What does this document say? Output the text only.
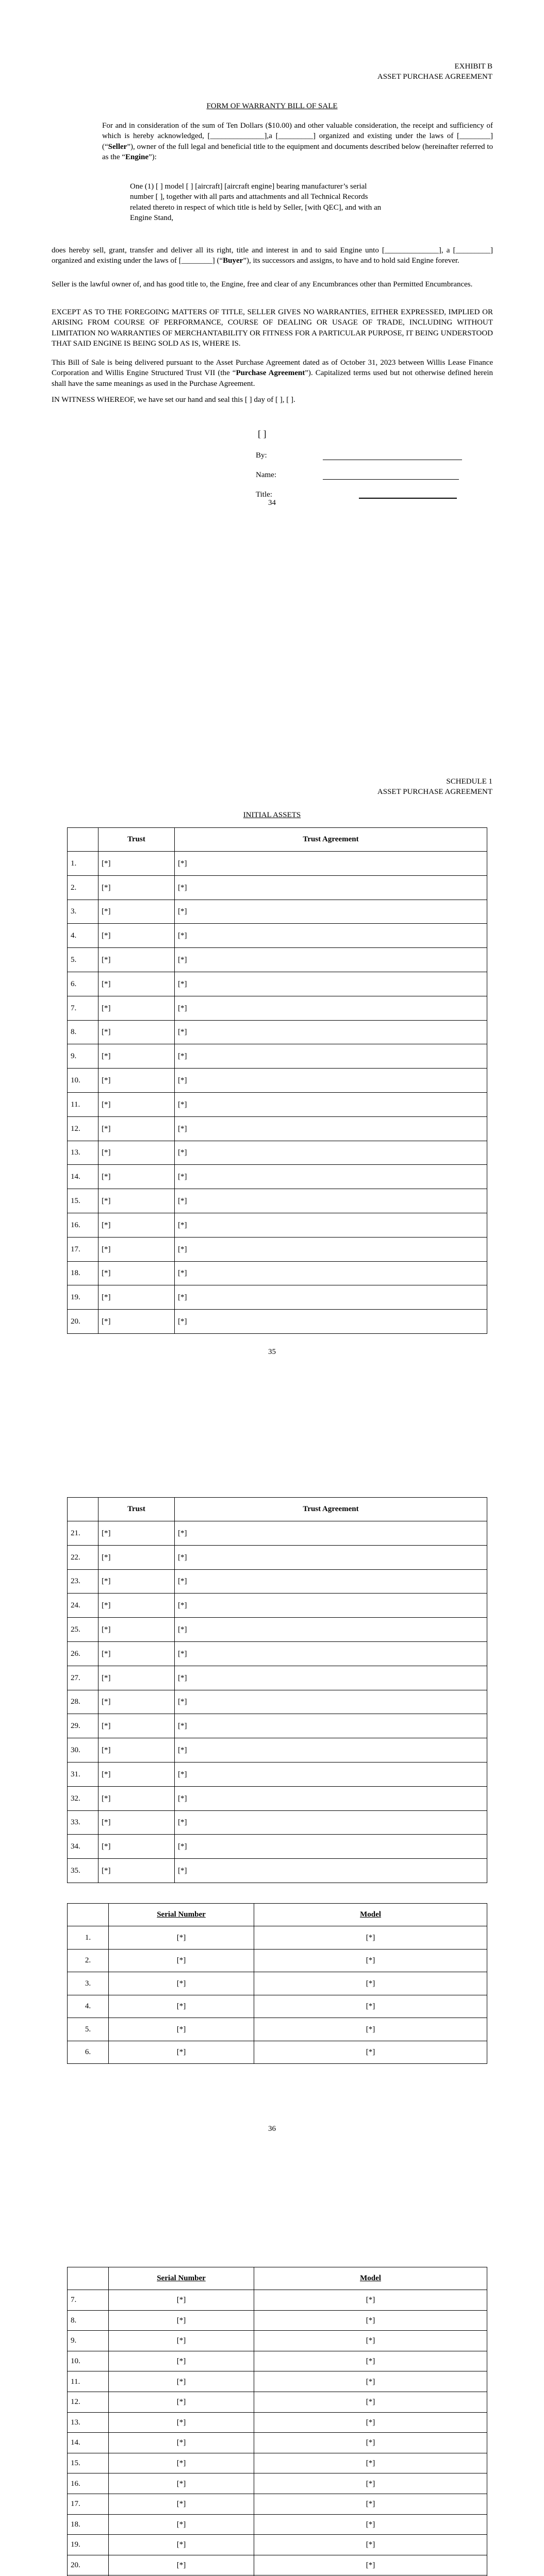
EXHIBIT B
ASSET PURCHASE AGREEMENT
FORM OF WARRANTY BILL OF SALE
For and in consideration of the sum of Ten Dollars ($10.00) and other valuable consideration, the receipt and sufficiency of which is hereby acknowledged, [______________],a [_________] organized and existing under the laws of [________] (“Seller”), owner of the full legal and beneficial title to the equipment and documents described below (hereinafter referred to as the “Engine”):
One (1) [ ] model [ ] [aircraft] [aircraft engine] bearing manufacturer’s serial number [ ], together with all parts and attachments and all Technical Records related thereto in respect of which title is held by Seller, [with QEC], and with an Engine Stand,
does hereby sell, grant, transfer and deliver all its right, title and interest in and to said Engine unto [______________], a [_________] organized and existing under the laws of [________] (“Buyer”), its successors and assigns, to have and to hold said Engine forever.
Seller is the lawful owner of, and has good title to, the Engine, free and clear of any Encumbrances other than Permitted Encumbrances.
EXCEPT AS TO THE FOREGOING MATTERS OF TITLE, SELLER GIVES NO WARRANTIES, EITHER EXPRESSED, IMPLIED OR ARISING FROM COURSE OF PERFORMANCE, COURSE OF DEALING OR USAGE OF TRADE, INCLUDING WITHOUT LIMITATION NO WARRANTIES OF MERCHANTABILITY OR FITNESS FOR A PARTICULAR PURPOSE, IT BEING UNDERSTOOD THAT SAID ENGINE IS BEING SOLD AS IS, WHERE IS.
This Bill of Sale is being delivered pursuant to the Asset Purchase Agreement dated as of October 31, 2023 between Willis Lease Finance Corporation and Willis Engine Structured Trust VII (the “Purchase Agreement”). Capitalized terms used but not otherwise defined herein shall have the same meanings as used in the Purchase Agreement.
IN WITNESS WHEREOF, we have set our hand and seal this [ ] day of [ ], [ ].
[ ]
By:
Name:
Title:
34
SCHEDULE 1
ASSET PURCHASE AGREEMENT
INITIAL ASSETS
	Trust	Trust Agreement
1.	[*]	[*]
2.	[*]	[*]
3.	[*]	[*]
4.	[*]	[*]
5.	[*]	[*]
6.	[*]	[*]
7.	[*]	[*]
8.	[*]	[*]
9.	[*]	[*]
10.	[*]	[*]
11.	[*]	[*]
12.	[*]	[*]
13.	[*]	[*]
14.	[*]	[*]
15.	[*]	[*]
16.	[*]	[*]
17.	[*]	[*]
18.	[*]	[*]
19.	[*]	[*]
20.	[*]	[*]
35
	Trust	Trust Agreement
21.	[*]	[*]
22.	[*]	[*]
23.	[*]	[*]
24.	[*]	[*]
25.	[*]	[*]
26.	[*]	[*]
27.	[*]	[*]
28.	[*]	[*]
29.	[*]	[*]
30.	[*]	[*]
31.	[*]	[*]
32.	[*]	[*]
33.	[*]	[*]
34.	[*]	[*]
35.	[*]	[*]
	Serial Number	Model
1.	[*]	[*]
2.	[*]	[*]
3.	[*]	[*]
4.	[*]	[*]
5.	[*]	[*]
6.	[*]	[*]
36
	Serial Number	Model
7.	[*]	[*]
8.	[*]	[*]
9.	[*]	[*]
10.	[*]	[*]
11.	[*]	[*]
12.	[*]	[*]
13.	[*]	[*]
14.	[*]	[*]
15.	[*]	[*]
16.	[*]	[*]
17.	[*]	[*]
18.	[*]	[*]
19.	[*]	[*]
20.	[*]	[*]
